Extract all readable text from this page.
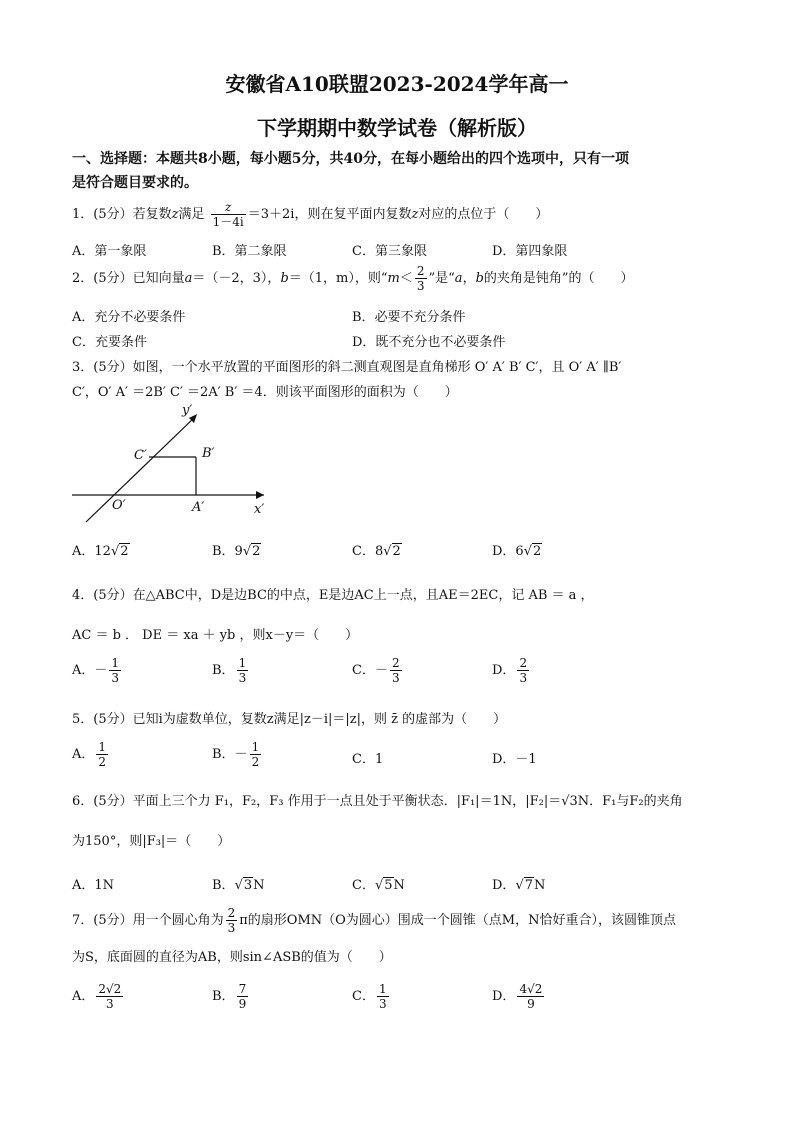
安徽省A10联盟2023-2024学年高一
下学期期中数学试卷（解析版）
一、选择题：本题共8小题，每小题5分，共40分，在每小题给出的四个选项中，只有一项
是符合题目要求的。
1．(5分）若复数z满足 $\frac{z}{1-4i} =3+2i$，则在复平面内复数z对应的点位于（　　）
A．第一象限	B．第二象限	C．第三象限	D．第四象限
2．(5分）已知向量a＝（－2，3），b＝（1，m），则“$m< \frac{2}{3}$ ”是“a，b的夹角是钝角”的（　　）
A．充分不必要条件	B．必要不充分条件
C．充要条件	D．既不充分也不必要条件
3．(5分）如图，一个水平放置的平面图形的斜二测直观图是直角梯形 O′ A′ B′ C′，且 O′ A′ ∥B′
C′，O′ A′ ＝2B′ C′ ＝2A′ B′ ＝4．则该平面图形的面积为（　　）
y′
x′
O′	A′
B′
C′
A．12√2	B．9√2	C．8√2	D．6√2
4．(5分）在△ABC中，D是边BC的中点，E是边AC上一点，且AE＝2EC，记 AB ＝ a ，
AC ＝ b ． DE ＝ xa ＋ yb ，则x－y＝（　　）
A．－ $\frac{1}{3}$	B． $\frac{1}{3}$	C．－ $\frac{2}{3}$	D． $\frac{2}{3}$
5．(5分）已知i为虚数单位，复数z满足|z－i|＝|z|，则 z̄ 的虚部为（　　）
A． $\frac{1}{2}$	B．－ $\frac{1}{2}$	C．1	D．－1
6．(5分）平面上三个力 F₁，F₂，F₃ 作用于一点且处于平衡状态．|F₁|＝1N，|F₂|＝√3N．F₁与F₂的夹角
为150°，则|F₃|＝（　　）
A．1N	B．√3N	C．√5N	D．√7N
7．(5分）用一个圆心角为 $\frac{2}{3}$ π的扇形OMN（O为圆心）围成一个圆锥（点M，N恰好重合），该圆锥顶点
为S，底面圆的直径为AB，则sin∠ASB的值为（　　）
A． $\frac{2√2}{3}$	B． $\frac{7}{9}$	C． $\frac{1}{3}$	D． $\frac{4√2}{9}$
